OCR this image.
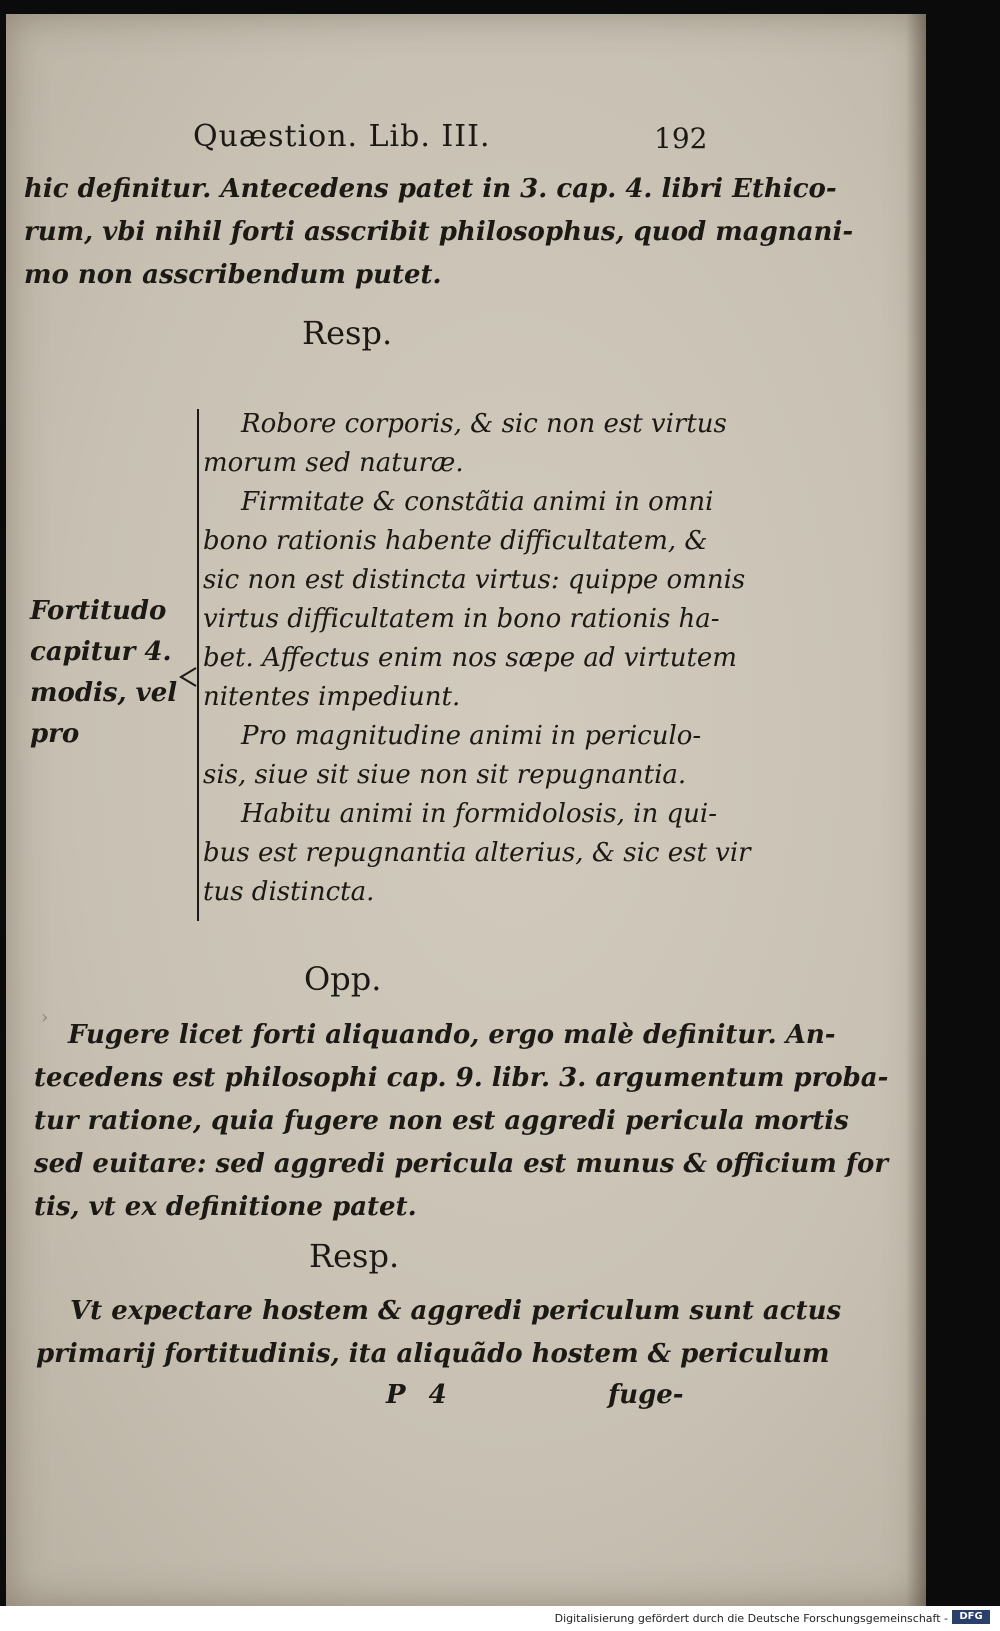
Quæstion. Lib. III.	192
hic definitur. Antecedens patet in 3. cap. 4. libri Ethico-
rum, vbi nihil forti asscribit philosophus, quod magnani-
mo non asscribendum putet.
Resp.
Fortitudo
capitur 4.
modis, vel
pro
Robore corporis, & sic non est virtus
morum sed naturæ.
Firmitate & constãtia animi in omni
bono rationis habente difficultatem, &
sic non est distincta virtus: quippe omnis
virtus difficultatem in bono rationis ha-
bet. Affectus enim nos sæpe ad virtutem
nitentes impediunt.
Pro magnitudine animi in periculo-
sis, siue sit siue non sit repugnantia.
Habitu animi in formidolosis, in qui-
bus est repugnantia alterius, & sic est vir
tus distincta.
›
Opp.
Fugere licet forti aliquando, ergo malè definitur. An-
tecedens est philosophi cap. 9. libr. 3. argumentum proba-
tur ratione, quia fugere non est aggredi pericula mortis
sed euitare: sed aggredi pericula est munus & officium for
tis, vt ex definitione patet.
Resp.
Vt expectare hostem & aggredi periculum sunt actus
primarij fortitudinis, ita aliquãdo hostem & periculum
P 4	fuge-
Digitalisierung gefördert durch die Deutsche Forschungsgemeinschaft -	DFG
